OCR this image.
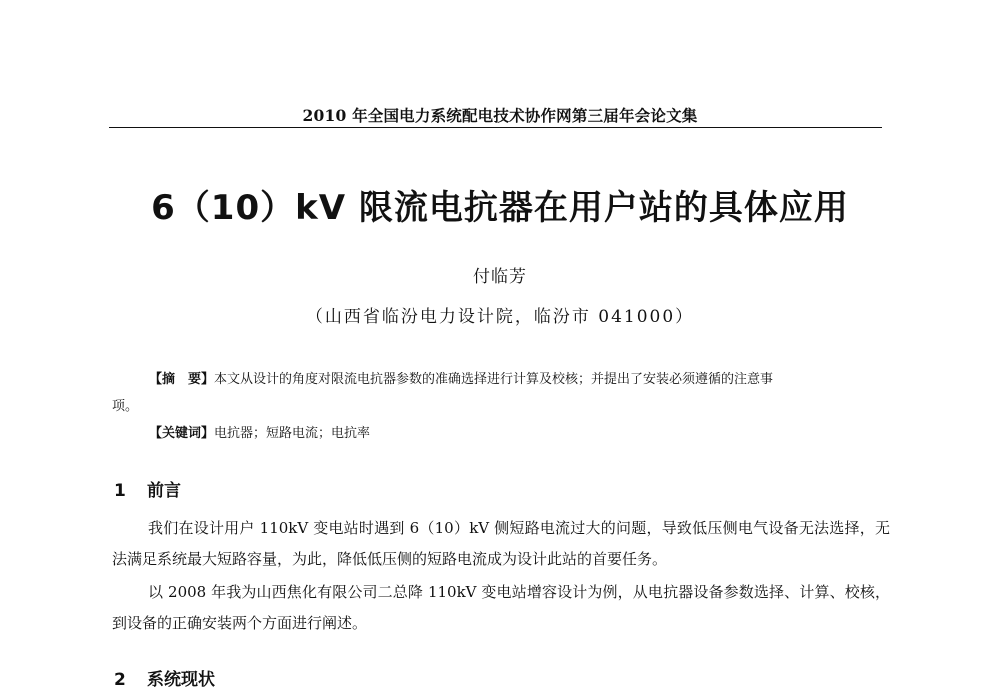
2010 年全国电力系统配电技术协作网第三届年会论文集
6（10）kV 限流电抗器在用户站的具体应用
付临芳
（山西省临汾电力设计院，临汾市 041000）
【摘　要】本文从设计的角度对限流电抗器参数的准确选择进行计算及校核；并提出了安装必须遵循的注意事
项。
【关键词】电抗器；短路电流；电抗率
1 前言

我们在设计用户 110kV 变电站时遇到 6（10）kV 侧短路电流过大的问题，导致低压侧电气设备无法选择，无法满足系统最大短路容量，为此，降低低压侧的短路电流成为设计此站的首要任务。

以 2008 年我为山西焦化有限公司二总降 110kV 变电站增容设计为例，从电抗器设备参数选择、计算、校核，到设备的正确安装两个方面进行阐述。

2 系统现状
